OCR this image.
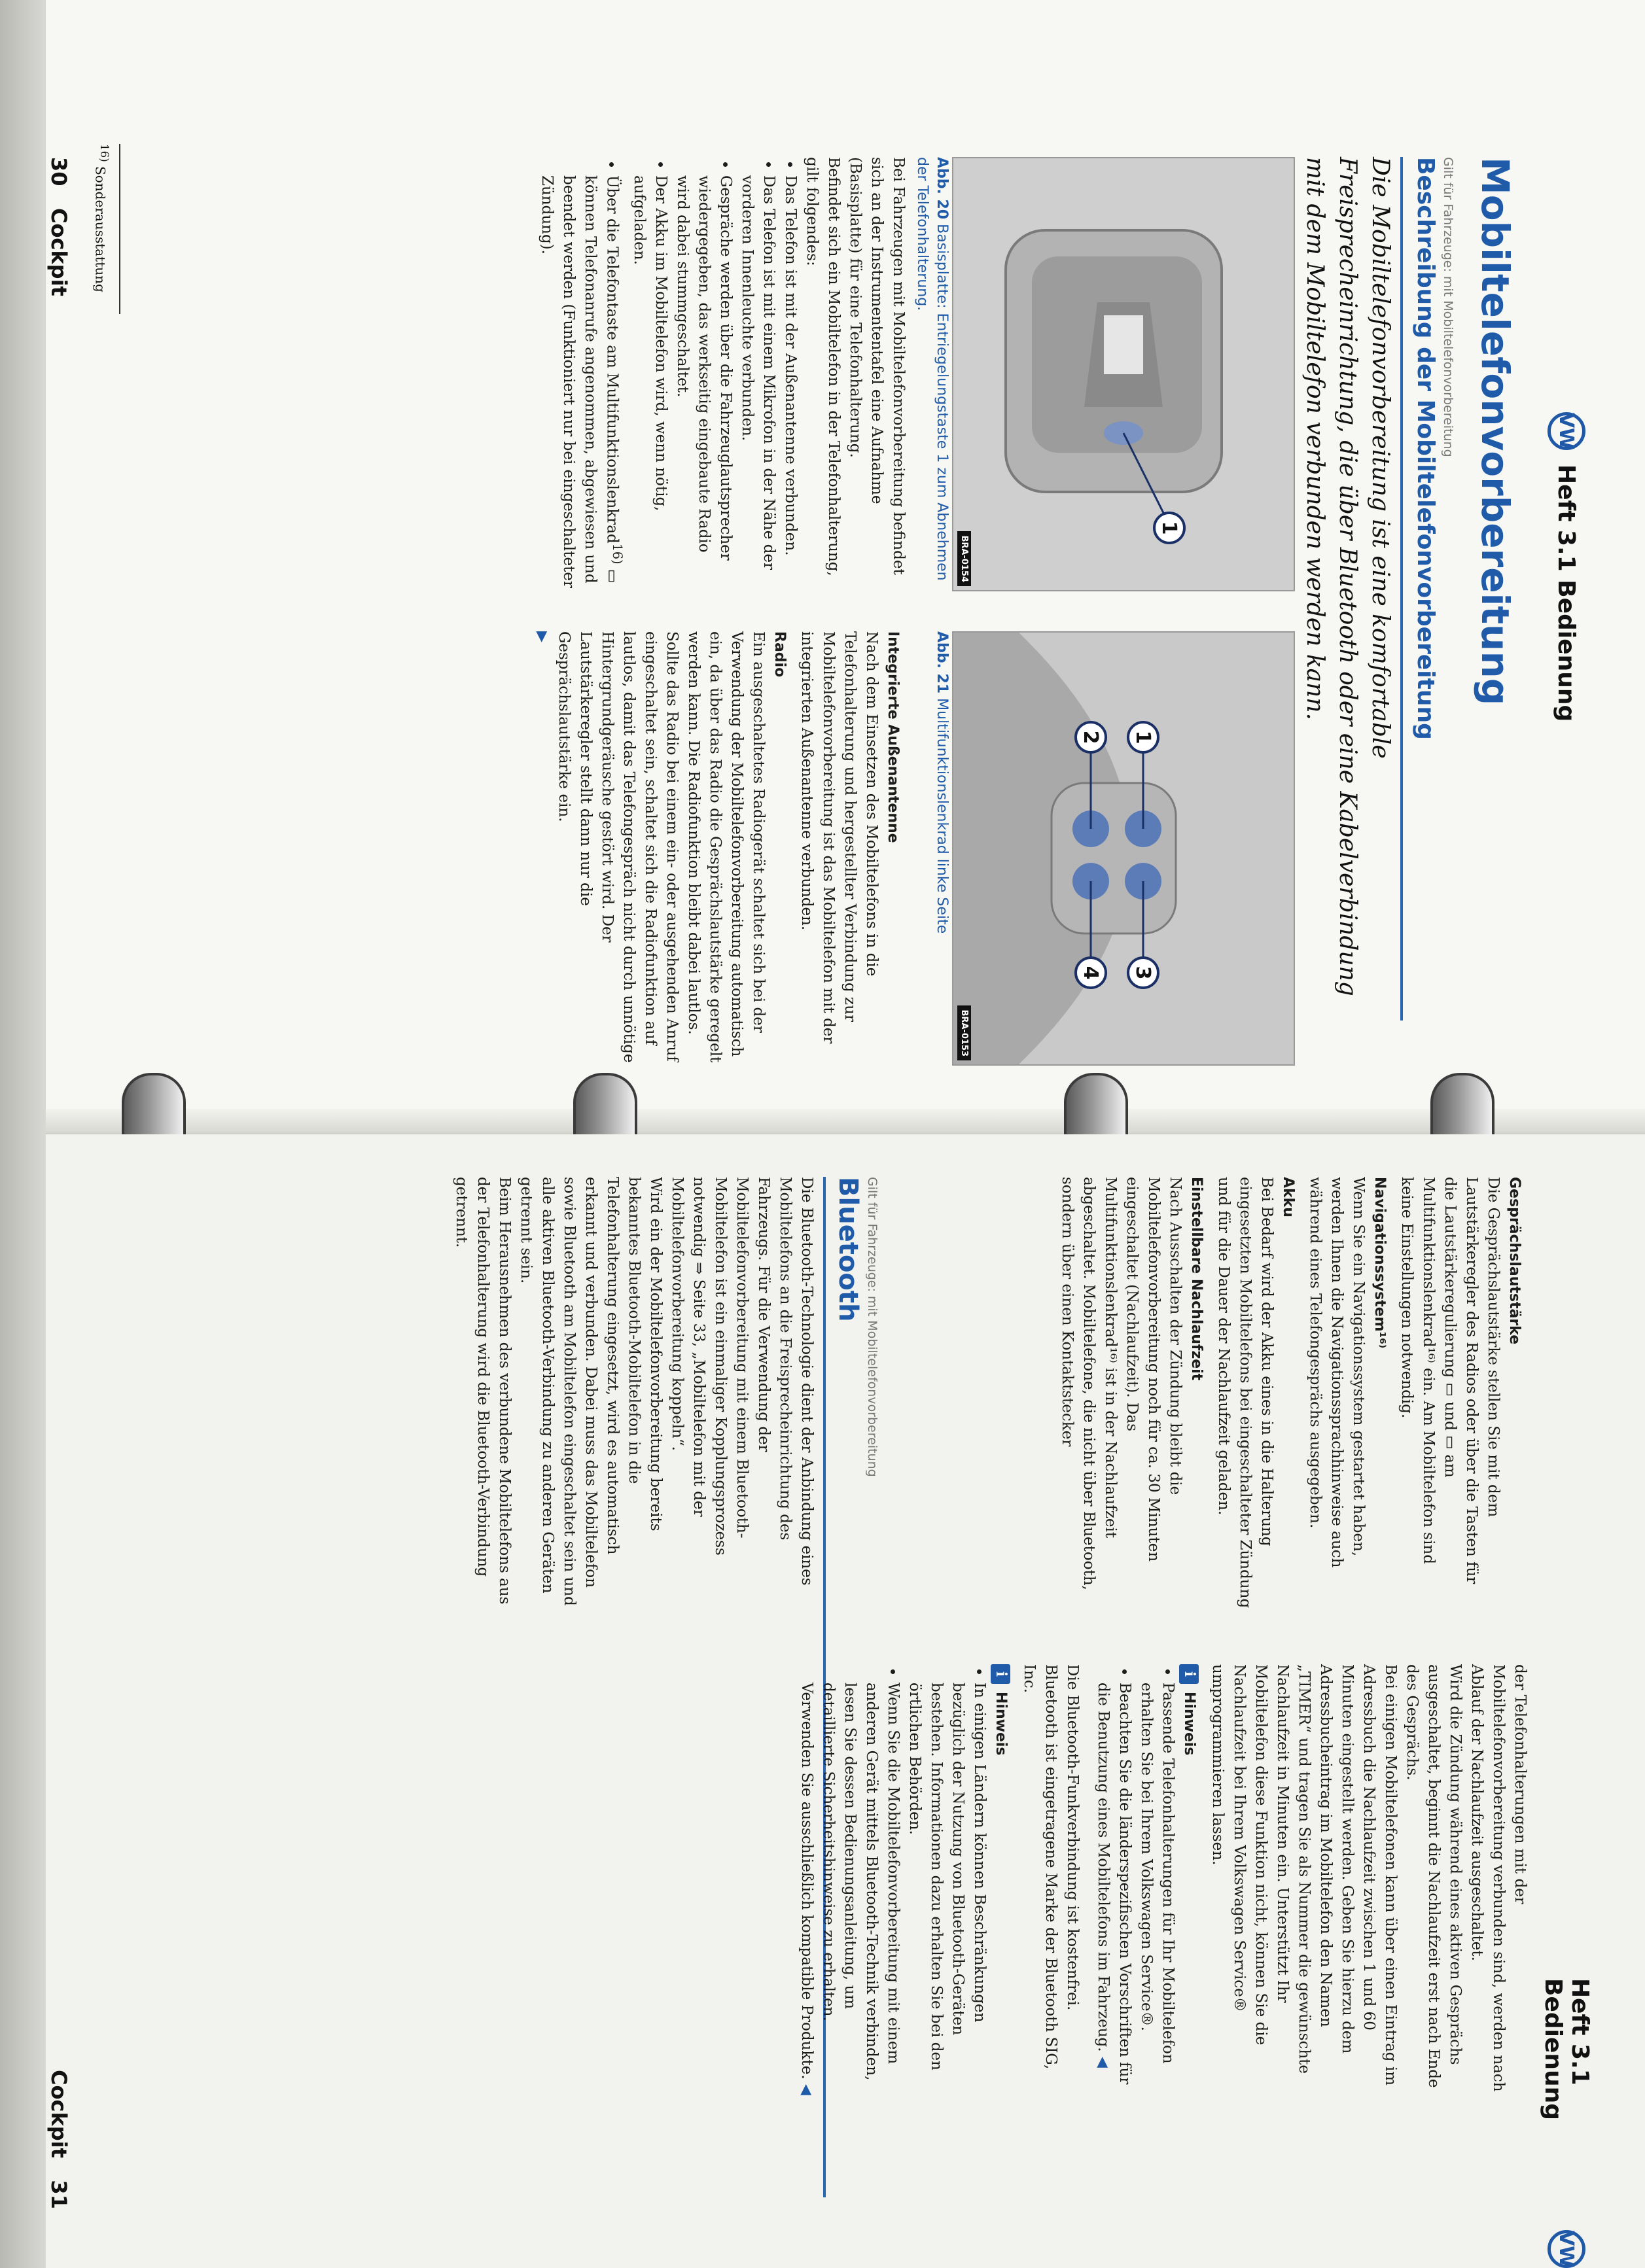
VW
Heft 3.1 Bedienung
Mobiltelefonvorbereitung
Gilt für Fahrzeuge: mit Mobiltelefonvorbereitung
Beschreibung der Mobiltelefonvorbereitung
Die Mobiltelefonvorbereitung ist eine komfortable Freisprecheinrichtung, die über Bluetooth oder eine Kabelverbindung mit dem Mobiltelefon verbunden werden kann.
1
BRA-0154
Abb. 20 Basisplatte: Entriegelungstaste 1 zum Abnehmen der Telefonhalterung.
1
2
3
4
BRA-0153
Abb. 21 Multifunktionslenkrad linke Seite

Bei Fahrzeugen mit Mobiltelefonvorbereitung befindet sich an der Instrumententafel eine Aufnahme (Basisplatte) für eine Telefonhalterung.

Befindet sich ein Mobiltelefon in der Telefonhalterung, gilt folgendes:

• Das Telefon ist mit der Außenantenne verbunden.
• Das Telefon ist mit einem Mikrofon in der Nähe der vorderen Innenleuchte verbunden.
• Gespräche werden über die Fahrzeuglautsprecher wiedergegeben, das werkseitig eingebaute Radio wird dabei stummgeschaltet.
• Der Akku im Mobiltelefon wird, wenn nötig, aufgeladen.
• Über die Telefontaste am Multifunktionslenkrad$^{16)}$ ▭ können Telefonanrufe angenommen, abgewiesen und beendet werden (Funktioniert nur bei eingeschalteter Zündung).
Integrierte Außenantenne

Nach dem Einsetzen des Mobiltelefons in die Telefonhalterung und hergestellter Verbindung zur Mobiltelefonvorbereitung ist das Mobiltelefon mit der integrierten Außenantenne verbunden.

Radio

Ein ausgeschaltetes Radiogerät schaltet sich bei der Verwendung der Mobiltelefonvorbereitung automatisch ein, da über das Radio die Gesprächslautstärke geregelt werden kann. Die Radiofunktion bleibt dabei lautlos.

Sollte das Radio bei einem ein- oder ausgehenden Anruf eingeschaltet sein, schaltet sich die Radiofunktion auf lautlos, damit das Telefongespräch nicht durch unnötige Hintergrundgeräusche gestört wird. Der Lautstärkeregler stellt dann nur die Gesprächslautstärke ein.

▶
$^{16)}$ Sonderausstattung
30   Cockpit
Heft 3.1 Bedienung
VW
Gesprächslautstärke

Die Gesprächslautstärke stellen Sie mit dem Lautstärkeregler des Radios oder über die Tasten für die Lautstärkeregulierung ▭ und ▭ am Multifunktionslenkrad¹⁶⁾ ein. Am Mobiltelefon sind keine Einstellungen notwendig.

Navigationssystem¹⁶⁾

Wenn Sie ein Navigationssystem gestartet haben, werden Ihnen die Navigationssprachhinweise auch während eines Telefongesprächs ausgegeben.

Akku

Bei Bedarf wird der Akku eines in die Halterung eingesetzten Mobiltelefons bei eingeschalteter Zündung und für die Dauer der Nachlaufzeit geladen.

Einstellbare Nachlaufzeit

Nach Ausschalten der Zündung bleibt die Mobiltelefonvorbereitung noch für ca. 30 Minuten eingeschaltet (Nachlaufzeit). Das Multifunktionslenkrad¹⁶⁾ ist in der Nachlaufzeit abgeschaltet. Mobiltelefone, die nicht über Bluetooth, sondern über einen Kontaktstecker

Gilt für Fahrzeuge: mit Mobiltelefonvorbereitung
Bluetooth

Die Bluetooth-Technologie dient der Anbindung eines Mobiltelefons an die Freisprecheinrichtung des Fahrzeugs. Für die Verwendung der Mobiltelefonvorbereitung mit einem Bluetooth-Mobiltelefon ist ein einmaliger Kopplungsprozess notwendig ⇒ Seite 33, „Mobiltelefon mit der Mobiltelefonvorbereitung koppeln“.

Wird ein der Mobiltelefonvorbereitung bereits bekanntes Bluetooth-Mobiltelefon in die Telefonhalterung eingesetzt, wird es automatisch erkannt und verbunden. Dabei muss das Mobiltelefon sowie Bluetooth am Mobiltelefon eingeschaltet sein und alle aktiven Bluetooth-Verbindung zu anderen Geräten getrennt sein.

Beim Herausnehmen des verbundene Mobiltelefons aus der Telefonhalterung wird die Bluetooth-Verbindung getrennt.

der Telefonhalterungen mit der Mobiltelefonvorbereitung verbunden sind, werden nach Ablauf der Nachlaufzeit ausgeschaltet.

Wird die Zündung während eines aktiven Gesprächs ausgeschaltet, beginnt die Nachlaufzeit erst nach Ende des Gesprächs.

Bei einigen Mobiltelefonen kann über einen Eintrag im Adressbuch die Nachlaufzeit zwischen 1 und 60 Minuten eingestellt werden. Geben Sie hierzu dem Adressbucheintrag im Mobiltelefon den Namen „TIMER“ und tragen Sie als Nummer die gewünschte Nachlaufzeit in Minuten ein. Unterstützt Ihr Mobiltelefon diese Funktion nicht, können Sie die Nachlaufzeit bei Ihrem Volkswagen Service® umprogrammieren lassen.

i
Hinweis
• Passende Telefonhalterungen für Ihr Mobiltelefon erhalten Sie bei Ihrem Volkswagen Service®.
• Beachten Sie die länderspezifischen Vorschriften für die Benutzung eines Mobiltelefons im Fahrzeug. ◀

Die Bluetooth-Funkverbindung ist kostenfrei.

Bluetooth ist eingetragene Marke der Bluetooth SIG, Inc.

i
Hinweis
• In einigen Ländern können Beschränkungen bezüglich der Nutzung von Bluetooth-Geräten bestehen. Informationen dazu erhalten Sie bei den örtlichen Behörden.
• Wenn Sie die Mobiltelefonvorbereitung mit einem anderen Gerät mittels Bluetooth-Technik verbinden, lesen Sie dessen Bedienungsanleitung, um detaillierte Sicherheitshinweise zu erhalten. Verwenden Sie ausschließlich kompatible Produkte. ◀
Cockpit   31
